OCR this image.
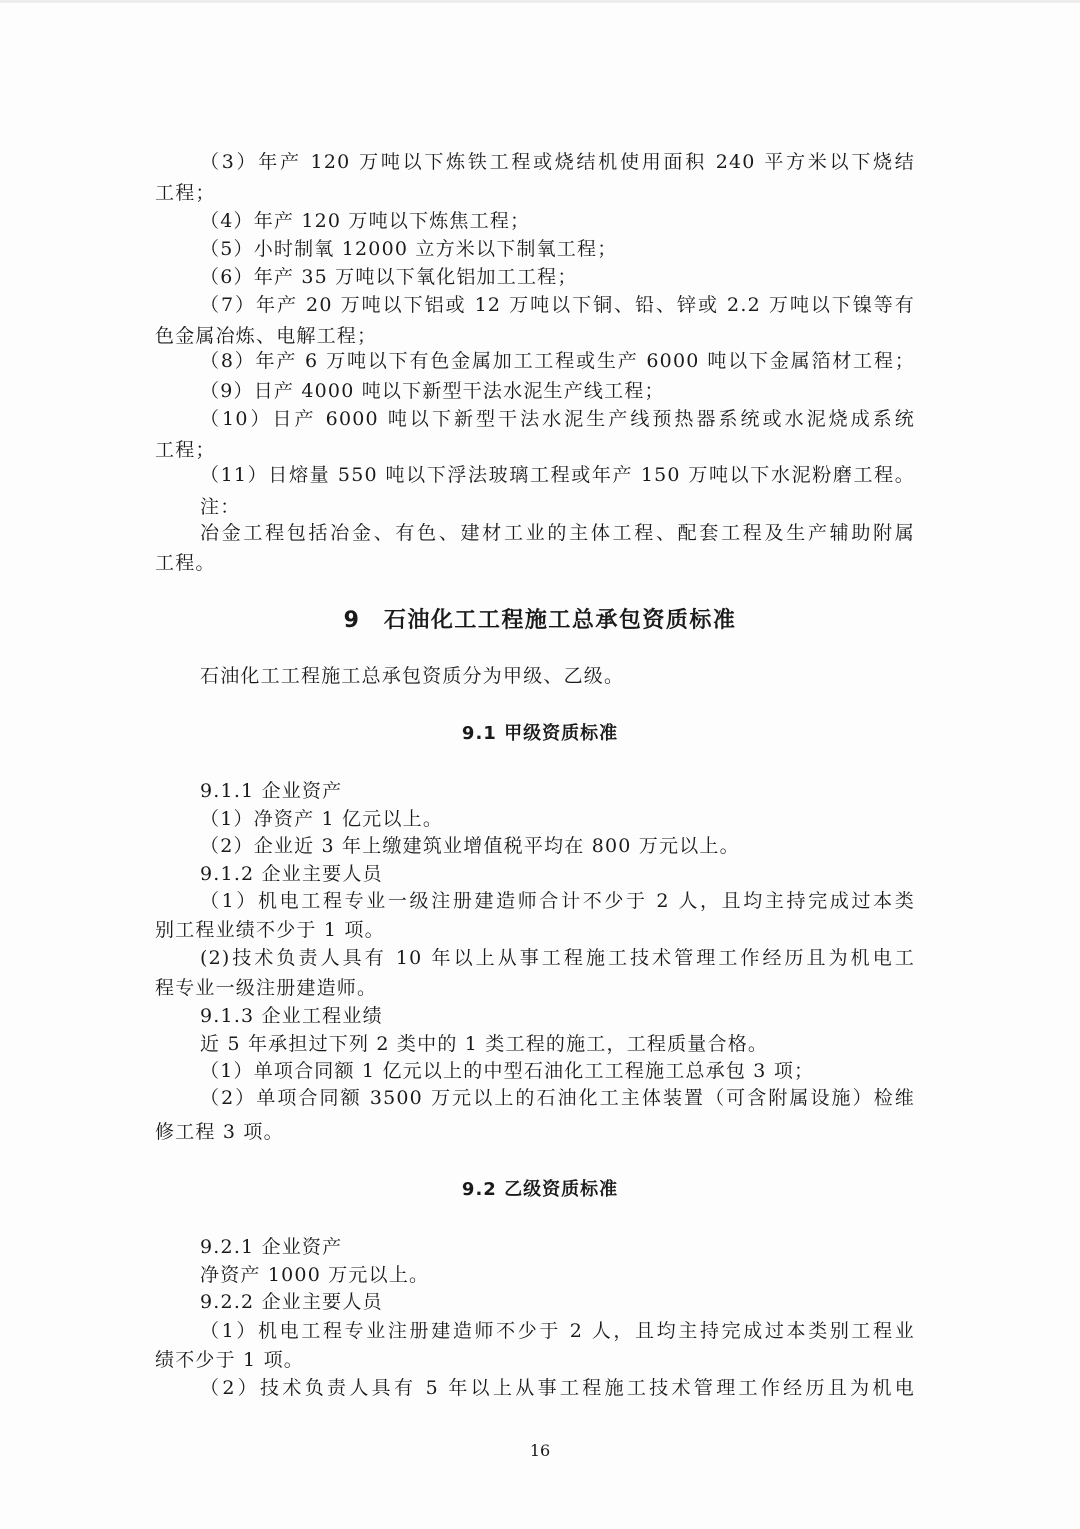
（3）年产 120 万吨以下炼铁工程或烧结机使用面积 240 平方米以下烧结
工程；
（4）年产 120 万吨以下炼焦工程；
（5）小时制氧 12000 立方米以下制氧工程；
（6）年产 35 万吨以下氧化铝加工工程；
（7）年产 20 万吨以下铝或 12 万吨以下铜、铅、锌或 2.2 万吨以下镍等有
色金属冶炼、电解工程；
（8）年产 6 万吨以下有色金属加工工程或生产 6000 吨以下金属箔材工程；
（9）日产 4000 吨以下新型干法水泥生产线工程；
（10）日产 6000 吨以下新型干法水泥生产线预热器系统或水泥烧成系统
工程；
（11）日熔量 550 吨以下浮法玻璃工程或年产 150 万吨以下水泥粉磨工程。
注：
冶金工程包括冶金、有色、建材工业的主体工程、配套工程及生产辅助附属
工程。
9　石油化工工程施工总承包资质标准
石油化工工程施工总承包资质分为甲级、乙级。
9.1 甲级资质标准
9.1.1 企业资产
（1）净资产 1 亿元以上。
（2）企业近 3 年上缴建筑业增值税平均在 800 万元以上。
9.1.2 企业主要人员
（1）机电工程专业一级注册建造师合计不少于 2 人，且均主持完成过本类
别工程业绩不少于 1 项。
(2)技术负责人具有 10 年以上从事工程施工技术管理工作经历且为机电工
程专业一级注册建造师。
9.1.3 企业工程业绩
近 5 年承担过下列 2 类中的 1 类工程的施工，工程质量合格。
（1）单项合同额 1 亿元以上的中型石油化工工程施工总承包 3 项；
（2）单项合同额 3500 万元以上的石油化工主体装置（可含附属设施）检维
修工程 3 项。
9.2 乙级资质标准
9.2.1 企业资产
净资产 1000 万元以上。
9.2.2 企业主要人员
（1）机电工程专业注册建造师不少于 2 人，且均主持完成过本类别工程业
绩不少于 1 项。
（2）技术负责人具有 5 年以上从事工程施工技术管理工作经历且为机电
16
